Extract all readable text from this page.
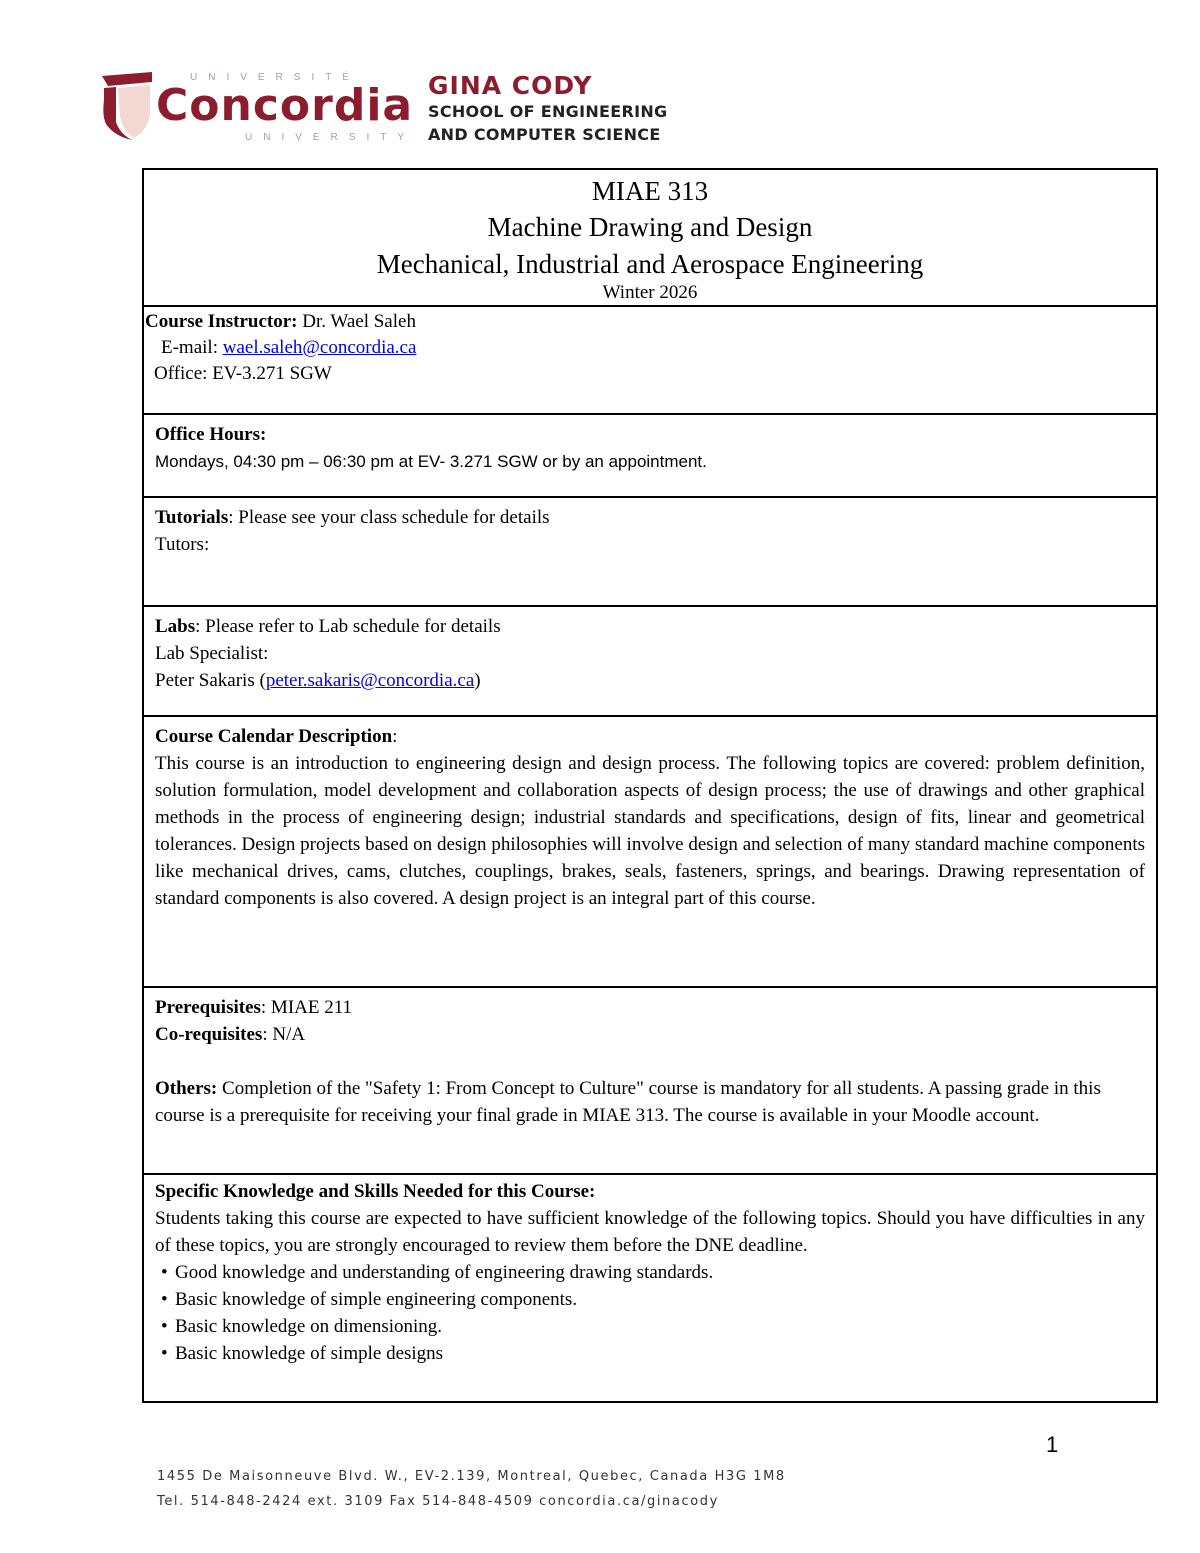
UNIVERSITÉ
Concordia
UNIVERSITY
GINA CODY
SCHOOL OF ENGINEERING
AND COMPUTER SCIENCE
MIAE 313
Machine Drawing and Design
Mechanical, Industrial and Aerospace Engineering
Winter 2026
Course Instructor: Dr. Wael Saleh
E-mail: wael.saleh@concordia.ca
Office: EV-3.271 SGW
Office Hours:
Mondays, 04:30 pm – 06:30 pm at EV- 3.271 SGW or by an appointment.
Tutorials: Please see your class schedule for details
Tutors:
Labs: Please refer to Lab schedule for details
Lab Specialist:
Peter Sakaris (peter.sakaris@concordia.ca)
Course Calendar Description:
This course is an introduction to engineering design and design process. The following topics are covered: problem definition, solution formulation, model development and collaboration aspects of design process; the use of drawings and other graphical methods in the process of engineering design; industrial standards and specifications, design of fits, linear and geometrical tolerances. Design projects based on design philosophies will involve design and selection of many standard machine components like mechanical drives, cams, clutches, couplings, brakes, seals, fasteners, springs, and bearings. Drawing representation of standard components is also covered. A design project is an integral part of this course.
Prerequisites: MIAE 211
Co-requisites: N/A
Others: Completion of the "Safety 1: From Concept to Culture" course is mandatory for all students. A passing grade in this course is a prerequisite for receiving your final grade in MIAE 313. The course is available in your Moodle account.
Specific Knowledge and Skills Needed for this Course:
Students taking this course are expected to have sufficient knowledge of the following topics. Should you have difficulties in any of these topics, you are strongly encouraged to review them before the DNE deadline.
• Good knowledge and understanding of engineering drawing standards.
• Basic knowledge of simple engineering components.
• Basic knowledge on dimensioning.
• Basic knowledge of simple designs
1
1455 De Maisonneuve Blvd. W., EV-2.139, Montreal, Quebec, Canada H3G 1M8
Tel. 514-848-2424 ext. 3109 Fax 514-848-4509 concordia.ca/ginacody
